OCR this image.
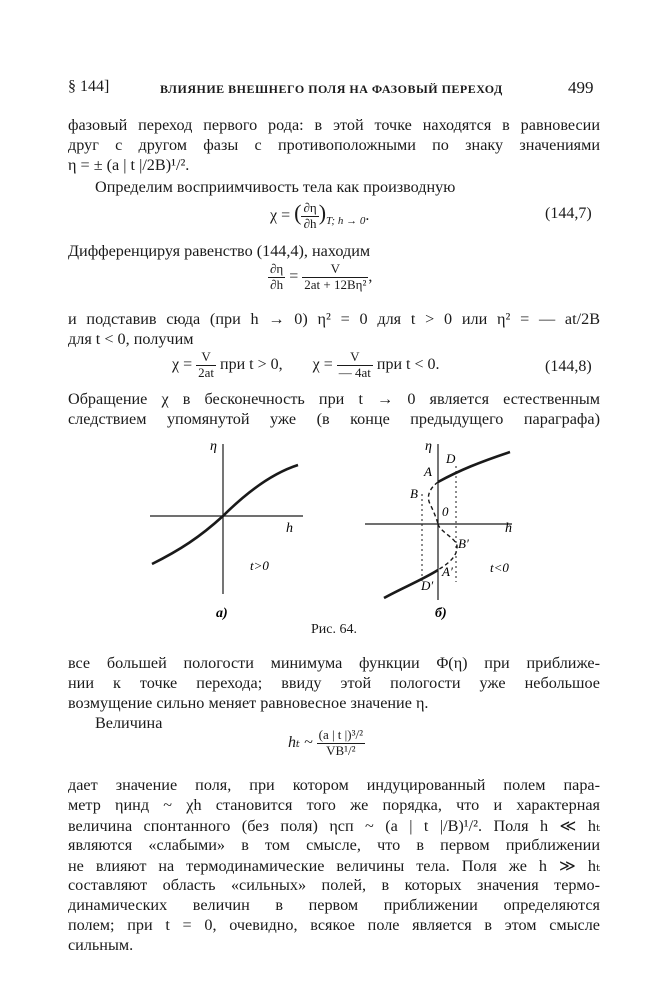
§ 144]	ВЛИЯНИЕ ВНЕШНЕГО ПОЛЯ НА ФАЗОВЫЙ ПЕРЕХОД	499
фазовый переход первого рода: в этой точке находятся в равновесии
друг с другом фазы с противоположными по знаку значениями
η = ± (a | t |/2B)¹/².
Определим восприимчивость тела как производную
χ = ( $\frac{\partial\eta}{\partial h} )_{T; h \to 0}$.	(144,7)
Дифференцируя равенство (144,4), находим
$\frac{\partial\eta}{\partial h} = \frac{V}{\text{2at + 12Bη²}}$ ,
и подставив сюда (при h → 0) η² = 0 для t > 0 или η² = — at/2B
для t < 0, получим
$\chi = \frac{V}{2at}$ при t > 0, $\chi = \frac{V}{— 4at}$ при t < 0.	(144,8)
Обращение χ в бесконечность при t → 0 является естественным
следствием упомянутой уже (в конце предыдущего параграфа)
η
h
t>0
а)
η
h
A
D
B
0
B′
A′
D′
t<0
б)
Рис. 64.
все большей пологости минимума функции Φ(η) при приближе-
нии к точке перехода; ввиду этой пологости уже небольшое
возмущение сильно меняет равновесное значение η.
Величина
hₜ ~ $\frac{\text{(a | t |)³/²}}{\text{VB¹/²}}$
дает значение поля, при котором индуцированный полем пара-
метр ηинд ~ χh становится того же порядка, что и характерная
величина спонтанного (без поля) ηсп ~ (a | t |/B)¹/². Поля h ≪ hₜ
являются «слабыми» в том смысле, что в первом приближении
не влияют на термодинамические величины тела. Поля же h ≫ hₜ
составляют область «сильных» полей, в которых значения термо-
динамических величин в первом приближении определяются
полем; при t = 0, очевидно, всякое поле является в этом смысле
сильным.
